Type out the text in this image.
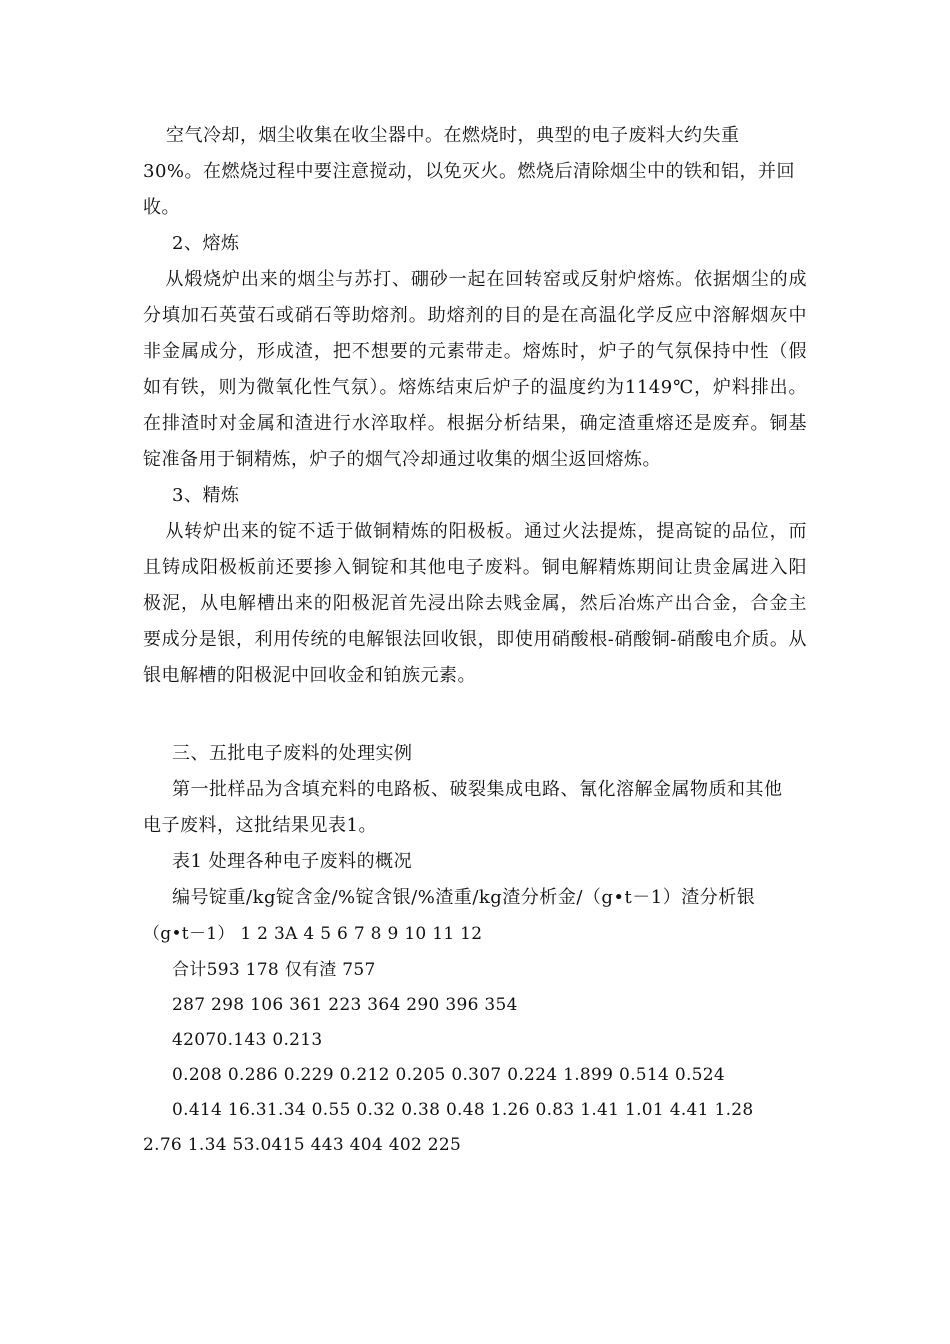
空气冷却，烟尘收集在收尘器中。在燃烧时，典型的电子废料大约失重
30%。在燃烧过程中要注意搅动，以免灭火。燃烧后清除烟尘中的铁和铝，并回
收。
2、熔炼
从煅烧炉出来的烟尘与苏打、硼砂一起在回转窑或反射炉熔炼。依据烟尘的成分填加石英萤石或硝石等助熔剂。助熔剂的目的是在高温化学反应中溶解烟灰中非金属成分，形成渣，把不想要的元素带走。熔炼时，炉子的气氛保持中性（假如有铁，则为微氧化性气氛）。熔炼结束后炉子的温度约为1149℃，炉料排出。在排渣时对金属和渣进行水淬取样。根据分析结果，确定渣重熔还是废弃。铜基锭准备用于铜精炼，炉子的烟气冷却通过收集的烟尘返回熔炼。
3、精炼
从转炉出来的锭不适于做铜精炼的阳极板。通过火法提炼，提高锭的品位，而且铸成阳极板前还要掺入铜锭和其他电子废料。铜电解精炼期间让贵金属进入阳极泥，从电解槽出来的阳极泥首先浸出除去贱金属，然后冶炼产出合金，合金主要成分是银，利用传统的电解银法回收银，即使用硝酸根-硝酸铜-硝酸电介质。从银电解槽的阳极泥中回收金和铂族元素。
三、五批电子废料的处理实例
第一批样品为含填充料的电路板、破裂集成电路、氰化溶解金属物质和其他
电子废料，这批结果见表1。
表1 处理各种电子废料的概况
编号锭重/kg锭含金/%锭含银/%渣重/kg渣分析金/（g•t－1）渣分析银
（g•t－1） 1 2 3A 4 5 6 7 8 9 10 11 12
合计593 178 仅有渣 757
287 298 106 361 223 364 290 396 354
42070.143 0.213
0.208 0.286 0.229 0.212 0.205 0.307 0.224 1.899 0.514 0.524
0.414 16.31.34 0.55 0.32 0.38 0.48 1.26 0.83 1.41 1.01 4.41 1.28
2.76 1.34 53.0415 443 404 402 225
